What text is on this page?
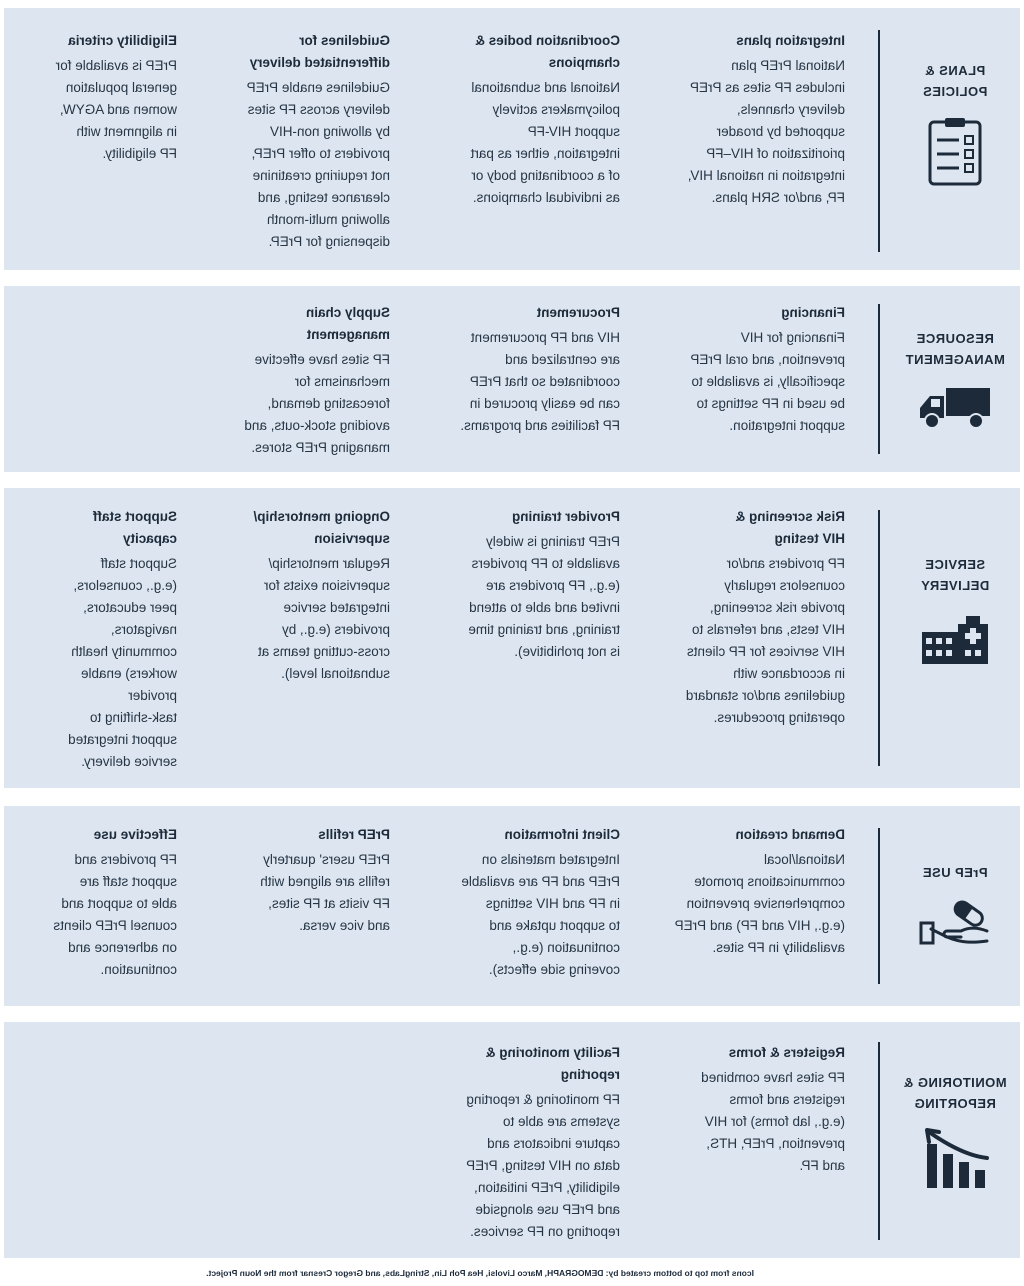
PLANS &
POLICIES
Integration plans
National PrEP plan
includes FP sites as PrEP
delivery channels,
supported by broader
prioritization of HIV–FP
integration in national HIV,
FP, and/or SRH plans.
Coordination bodies &
champions
National and subnational
policymakers actively
support HIV-FP
integration, either as part
of a coordinating body or
as individual champions.
Guidelines for
differentiated delivery
Guidelines enable PrEP
delivery across FP sites
by allowing non-HIV
providers to offer PrEP,
not requiring creatinine
clearance testing, and
allowing multi-month
dispensing for PrEP.
Eligibility criteria
PrEP is available for
general population
women and AGYW,
in alignment with
FP eligibility.
RESOURCE
MANAGEMENT
Financing
Financing for HIV
prevention, and oral PrEP
specifically, is available to
be used in FP settings to
support integration.
Procurement
HIV and FP procurement
are centralized and
coordinated so that PrEP
can be easily procured in
FP facilities and programs.
Supply chain
management
FP sites have effective
mechanisms for
forecasting demand,
avoiding stock-outs, and
managing PrEP stores.
SERVICE
DELIVERY
Risk screening &
HIV testing
FP providers and/or
counselors regularly
provide risk screening,
HIV tests, and referrals to
HIV services for FP clients
in accordance with
guidelines and/or standard
operating procedures.
Provider training
PrEP training is widely
available to FP providers
(e.g., FP providers are
invited and able to attend
training, and training time
is not prohibitive).
Ongoing mentorship/
supervision
Regular mentorship/
supervision exists for
integrated service
providers (e.g., by
cross-cutting teams at
subnational level).
Support staff
capacity
Support staff
(e.g., counselors,
peer educators,
navigators,
community health
workers) enable
provider
task-shifting to
support integrated
service delivery.
PrEP USE
Demand creation
National/local
communications promote
comprehensive prevention
(e.g., HIV and FP) and PrEP
availability in FP sites.
Client information
Integrated materials on
PrEP and FP are available
in FP and HIV settings
to support uptake and
continuation (e.g.,
covering side effects).
PrEP refills
PrEP users' quarterly
refills are aligned with
FP visits at FP sites,
and vice versa.
Effective use
FP providers and
support staff are
able to support and
counsel PrEP clients
on adherence and
continuation.
MONITORING &
REPORTING
Registers & forms
FP sites have combined
registers and forms
(e.g., lab forms) for HIV
prevention, PrEP, HTS,
and FP.
Facility monitoring &
reporting
FP monitoring & reporting
systems are able to
capture indicators and
data on HIV testing, PrEP
eligibility, PrEP initiation,
and PrEP use alongside
reporting on FP services.
Icons from top to bottom created by: DEMOGRAPH, Marco Livolsi, Hea Poh Lin, StringLabs, and Gregor Cresnar from the Noun Project.
